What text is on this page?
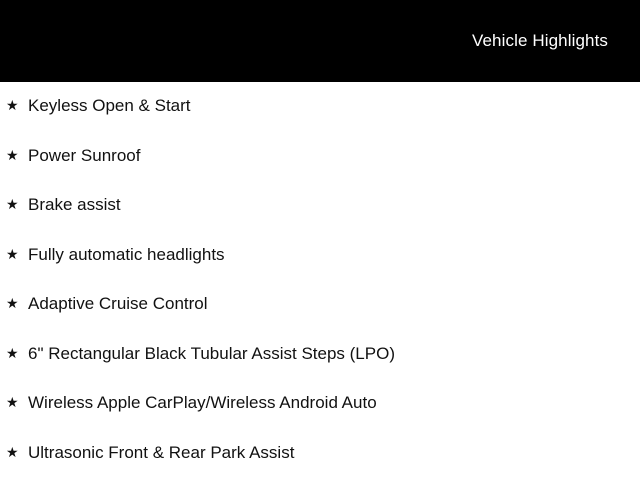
Vehicle Highlights
★ Keyless Open & Start
★ Power Sunroof
★ Brake assist
★ Fully automatic headlights
★ Adaptive Cruise Control
★ 6" Rectangular Black Tubular Assist Steps (LPO)
★ Wireless Apple CarPlay/Wireless Android Auto
★ Ultrasonic Front & Rear Park Assist
